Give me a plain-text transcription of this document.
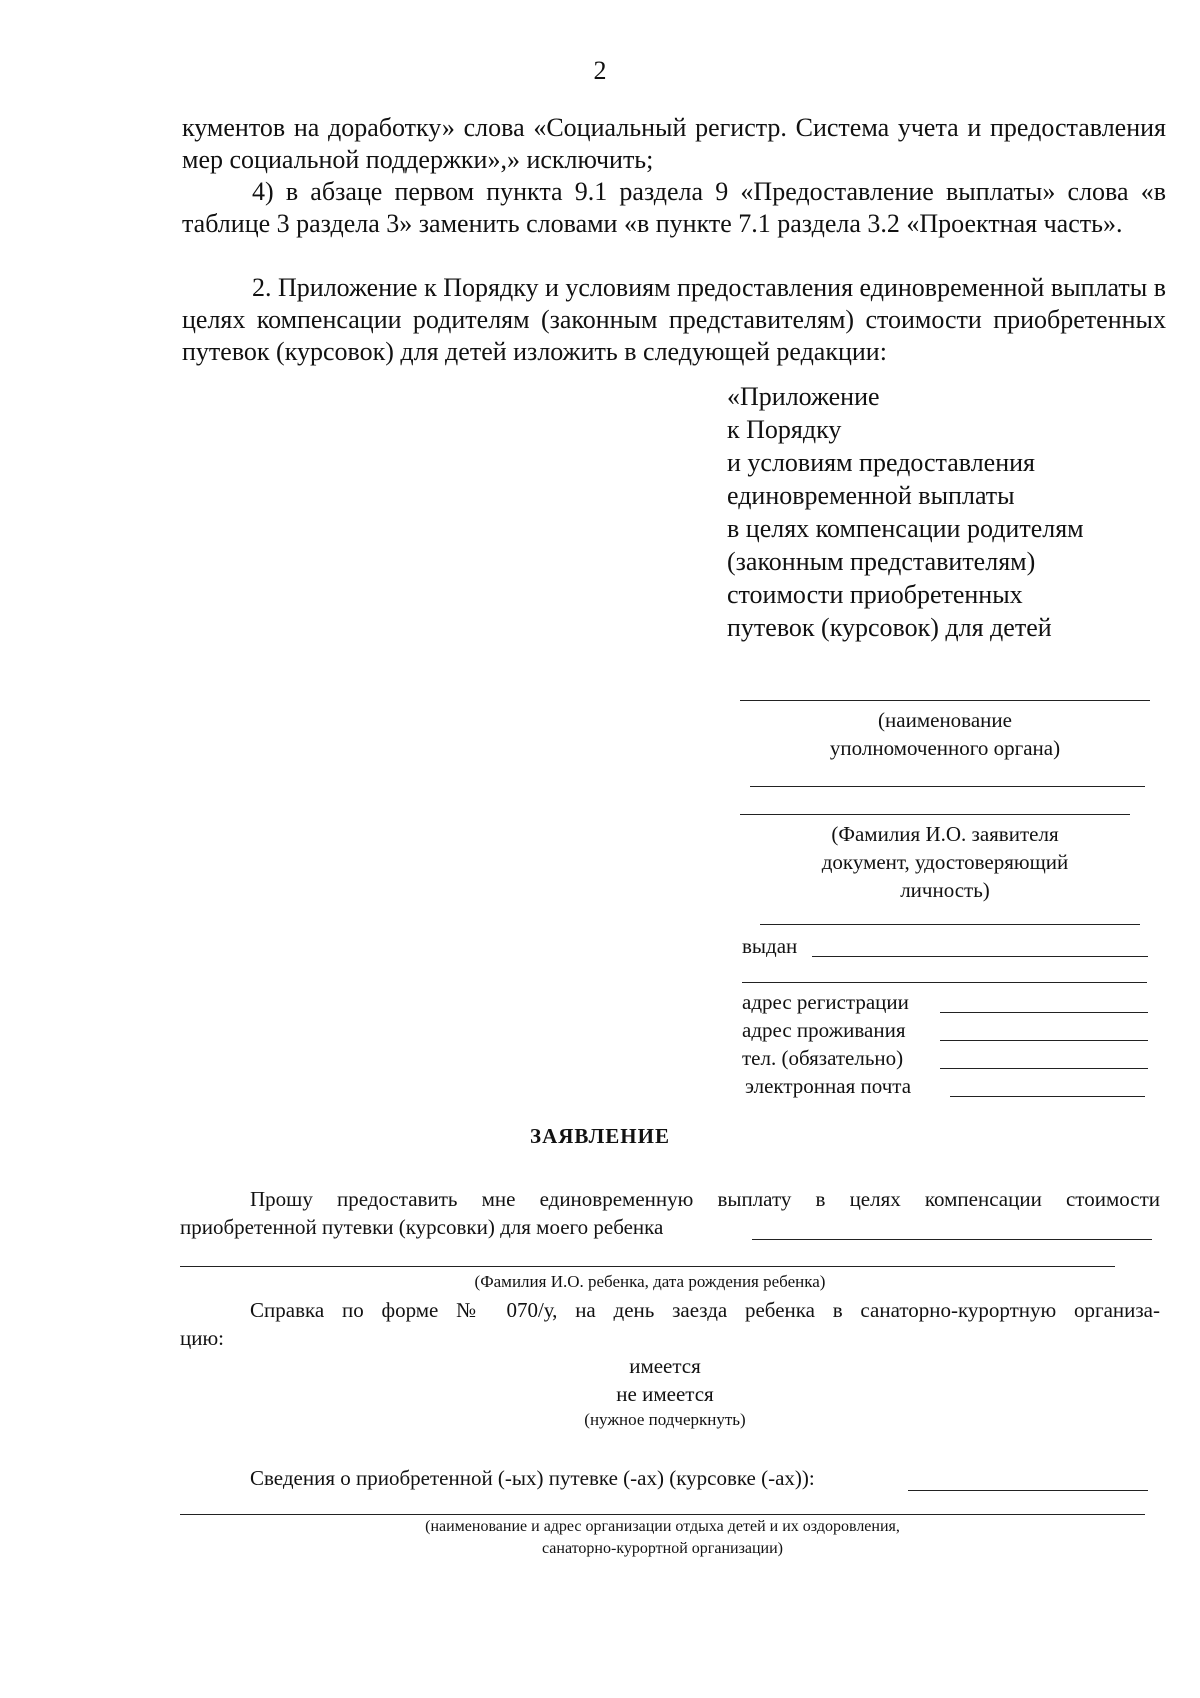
2
кументов на доработку» слова «Социальный регистр. Система учета и предоставления мер социальной поддержки»,» исключить;
4) в абзаце первом пункта 9.1 раздела 9 «Предоставление выплаты» слова «в таблице 3 раздела 3» заменить словами «в пункте 7.1 раздела 3.2 «Проектная часть».
2. Приложение к Порядку и условиям предоставления единовременной выплаты в целях компенсации родителям (законным представителям) стоимости приобретенных путевок (курсовок) для детей изложить в следующей редакции:
«Приложение
к Порядку
и условиям предоставления
единовременной выплаты
в целях компенсации родителям
(законным представителям)
стоимости приобретенных
путевок (курсовок) для детей
(наименование
уполномоченного органа)
(Фамилия И.О. заявителя
документ, удостоверяющий
личность)
выдан
адрес регистрации
адрес проживания
тел. (обязательно)
электронная почта
ЗАЯВЛЕНИЕ
Прошу предоставить мне единовременную выплату в целях компенсации стоимости
приобретенной путевки (курсовки) для моего ребенка
(Фамилия И.О. ребенка, дата рождения ребенка)
Справка по форме № 070/у, на день заезда ребенка в санаторно-курортную организа-
цию:
имеется
не имеется
(нужное подчеркнуть)
Сведения о приобретенной (-ых) путевке (-ах) (курсовке (-ах)):
(наименование и адрес организации отдыха детей и их оздоровления,
санаторно-курортной организации)
